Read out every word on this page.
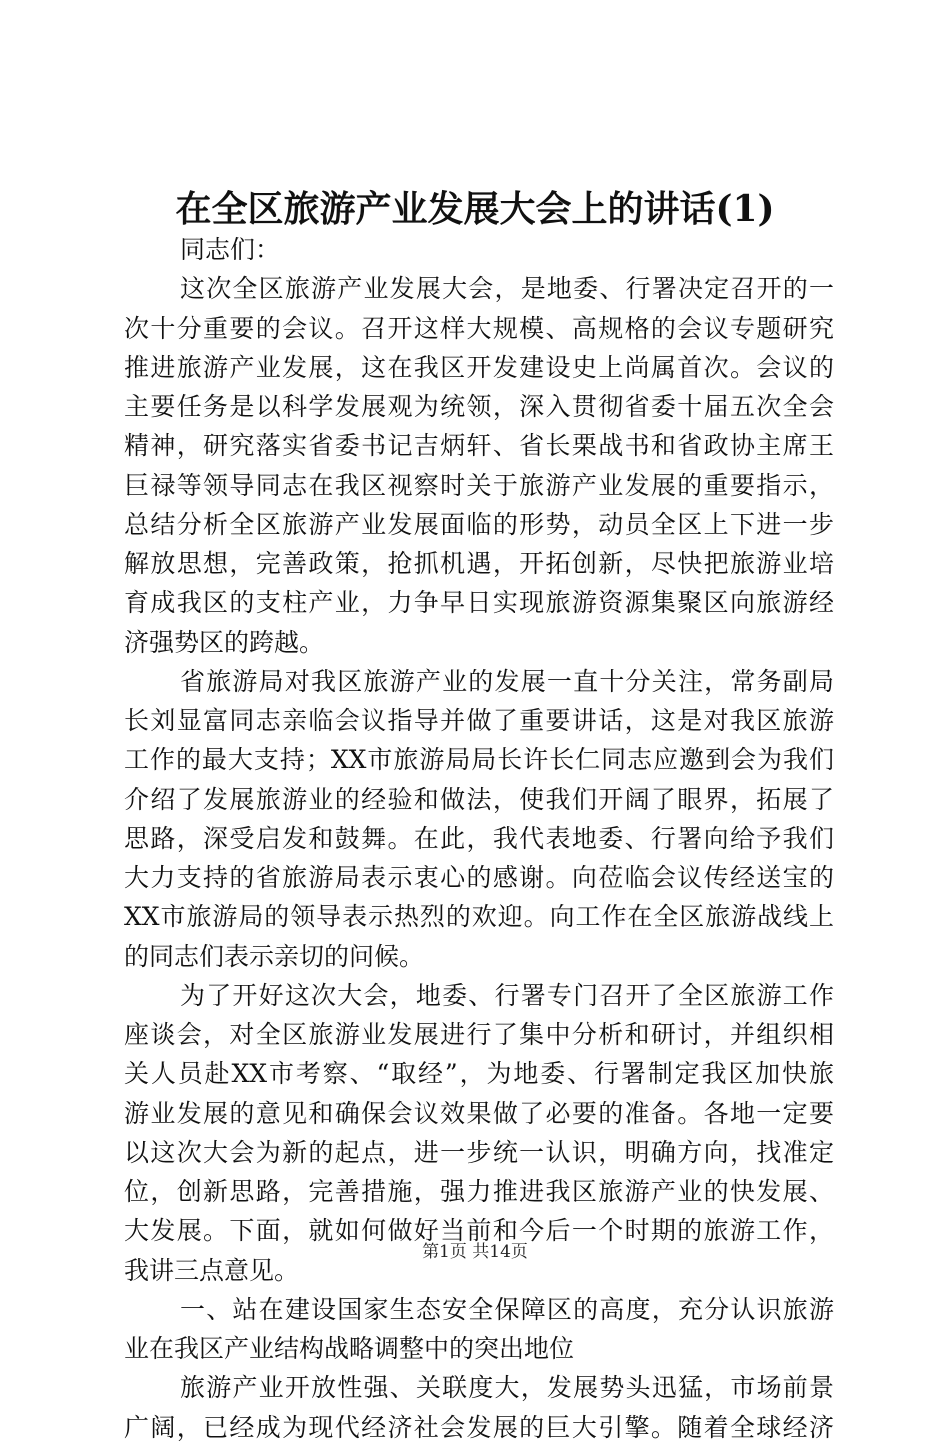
在全区旅游产业发展大会上的讲话(1)
同志们：
这次全区旅游产业发展大会，是地委、行署决定召开的一
次十分重要的会议。召开这样大规模、高规格的会议专题研究
推进旅游产业发展，这在我区开发建设史上尚属首次。会议的
主要任务是以科学发展观为统领，深入贯彻省委十届五次全会
精神，研究落实省委书记吉炳轩、省长栗战书和省政协主席王
巨禄等领导同志在我区视察时关于旅游产业发展的重要指示，
总结分析全区旅游产业发展面临的形势，动员全区上下进一步
解放思想，完善政策，抢抓机遇，开拓创新，尽快把旅游业培
育成我区的支柱产业，力争早日实现旅游资源集聚区向旅游经
济强势区的跨越。
省旅游局对我区旅游产业的发展一直十分关注，常务副局
长刘显富同志亲临会议指导并做了重要讲话，这是对我区旅游
工作的最大支持；XX市旅游局局长许长仁同志应邀到会为我们
介绍了发展旅游业的经验和做法，使我们开阔了眼界，拓展了
思路，深受启发和鼓舞。在此，我代表地委、行署向给予我们
大力支持的省旅游局表示衷心的感谢。向莅临会议传经送宝的
XX市旅游局的领导表示热烈的欢迎。向工作在全区旅游战线上
的同志们表示亲切的问候。
为了开好这次大会，地委、行署专门召开了全区旅游工作
座谈会，对全区旅游业发展进行了集中分析和研讨，并组织相
关人员赴XX市考察、“取经”，为地委、行署制定我区加快旅
游业发展的意见和确保会议效果做了必要的准备。各地一定要
以这次大会为新的起点，进一步统一认识，明确方向，找准定
位，创新思路，完善措施，强力推进我区旅游产业的快发展、
大发展。下面，就如何做好当前和今后一个时期的旅游工作，
我讲三点意见。
一、站在建设国家生态安全保障区的高度，充分认识旅游
业在我区产业结构战略调整中的突出地位
旅游产业开放性强、关联度大，发展势头迅猛，市场前景
广阔，已经成为现代经济社会发展的巨大引擎。随着全球经济
第1页 共14页
